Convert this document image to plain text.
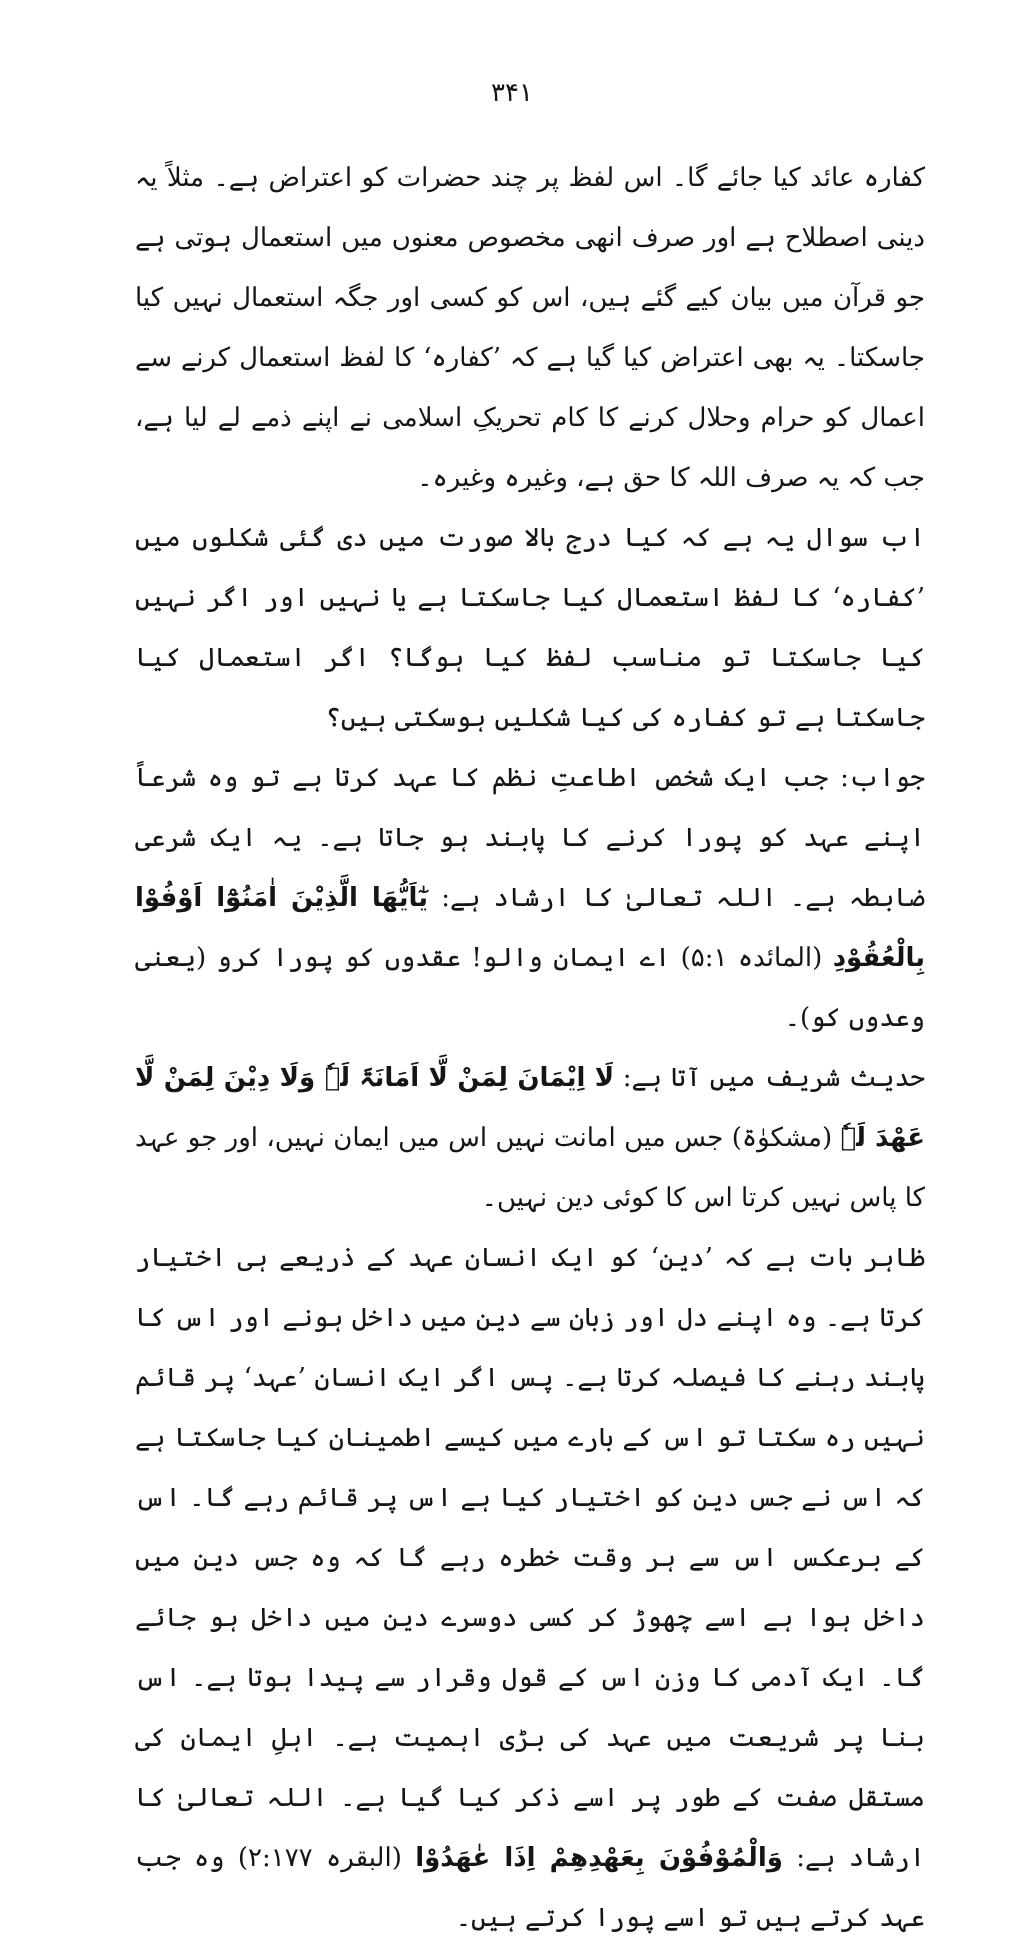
۳۴۱

کفارہ عائد کیا جائے گا۔ اس لفظ پر چند حضرات کو اعتراض ہے۔ مثلاً یہ دینی اصطلاح ہے اور صرف انھی مخصوص معنوں میں استعمال ہوتی ہے جو قرآن میں بیان کیے گئے ہیں، اس کو کسی اور جگہ استعمال نہیں کیا جاسکتا۔ یہ بھی اعتراض کیا گیا ہے کہ ’کفارہ‘ کا لفظ استعمال کرنے سے اعمال کو حرام وحلال کرنے کا کام تحریکِ اسلامی نے اپنے ذمے لے لیا ہے، جب کہ یہ صرف اللہ کا حق ہے، وغیرہ وغیرہ۔

اب سوال یہ ہے کہ کیا درج بالا صورت میں دی گئی شکلوں میں ’کفارہ‘ کا لفظ استعمال کیا جاسکتا ہے یا نہیں اور اگر نہیں کیا جاسکتا تو مناسب لفظ کیا ہوگا؟ اگر استعمال کیا جاسکتا ہے تو کفارہ کی کیا شکلیں ہوسکتی ہیں؟

جواب: جب ایک شخص اطاعتِ نظم کا عہد کرتا ہے تو وہ شرعاً اپنے عہد کو پورا کرنے کا پابند ہو جاتا ہے۔ یہ ایک شرعی ضابطہ ہے۔ اللہ تعالیٰ کا ارشاد ہے: یٰٓاَیُّھَا الَّذِیْنَ اٰمَنُوْٓا اَوْفُوْا بِالْعُقُوْدِ (المائدہ ۵:۱) اے ایمان والو! عقدوں کو پورا کرو (یعنی وعدوں کو)۔

حدیث شریف میں آتا ہے: لَا اِیْمَانَ لِمَنْ لَّا اَمَانَۃَ لَہٗ وَلَا دِیْنَ لِمَنْ لَّا عَھْدَ لَہٗ (مشکوٰۃ) جس میں امانت نہیں اس میں ایمان نہیں، اور جو عہد کا پاس نہیں کرتا اس کا کوئی دین نہیں۔

ظاہر بات ہے کہ ’دین‘ کو ایک انسان عہد کے ذریعے ہی اختیار کرتا ہے۔ وہ اپنے دل اور زبان سے دین میں داخل ہونے اور اس کا پابند رہنے کا فیصلہ کرتا ہے۔ پس اگر ایک انسان ’عہد‘ پر قائم نہیں رہ سکتا تو اس کے بارے میں کیسے اطمینان کیا جاسکتا ہے کہ اس نے جس دین کو اختیار کیا ہے اس پر قائم رہے گا۔ اس کے برعکس اس سے ہر وقت خطرہ رہے گا کہ وہ جس دین میں داخل ہوا ہے اسے چھوڑ کر کسی دوسرے دین میں داخل ہو جائے گا۔ ایک آدمی کا وزن اس کے قول وقرار سے پیدا ہوتا ہے۔ اس بنا پر شریعت میں عہد کی بڑی اہمیت ہے۔ اہلِ ایمان کی مستقل صفت کے طور پر اسے ذکر کیا گیا ہے۔ اللہ تعالیٰ کا ارشاد ہے: وَالْمُوْفُوْنَ بِعَھْدِھِمْ اِذَا عٰھَدُوْا (البقرہ ۲:۱۷۷) وہ جب عہد کرتے ہیں تو اسے پورا کرتے ہیں۔
